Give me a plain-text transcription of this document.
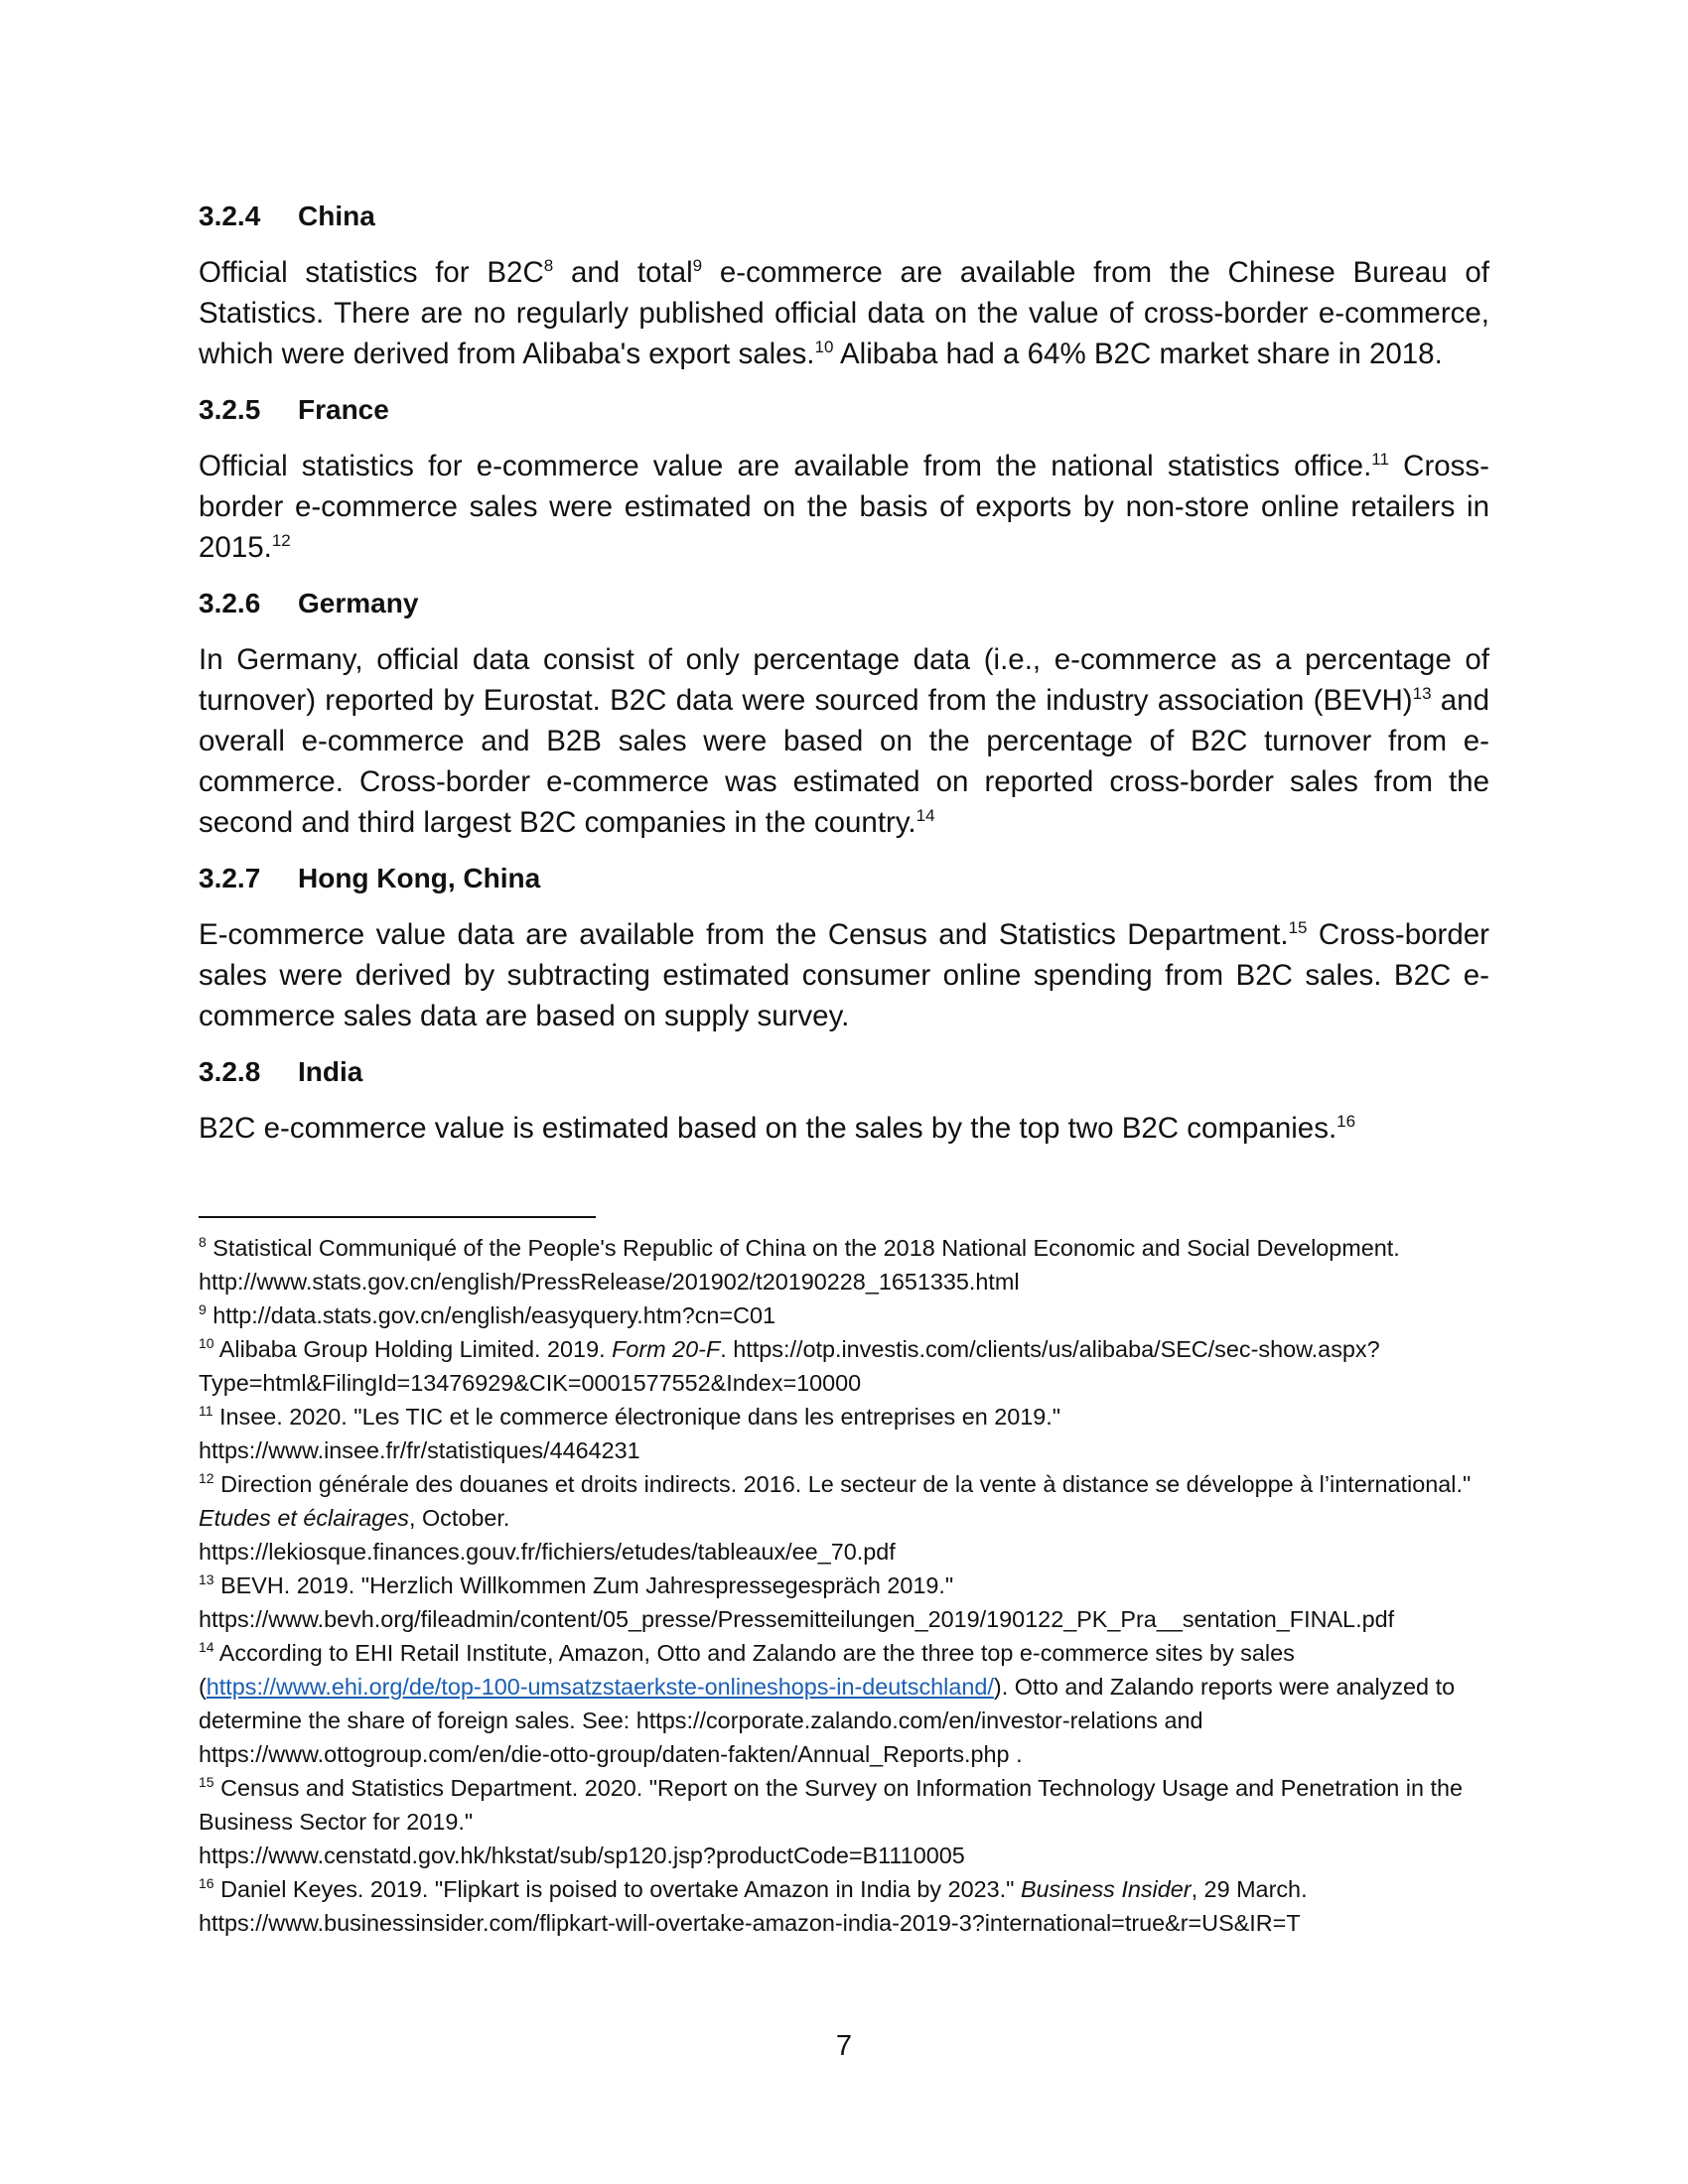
3.2.4	China

Official statistics for $B2C^8$ and total$^9$ e-commerce are available from the Chinese Bureau of Statistics. There are no regularly published official data on the value of cross-border e-commerce, which were derived from Alibaba's export sales.$^{10}$ Alibaba had a 64% B2C market share in 2018.

3.2.5	France

Official statistics for e-commerce value are available from the national statistics office.$^{11}$ Cross-border e-commerce sales were estimated on the basis of exports by non-store online retailers in 2015.12

3.2.6	Germany

In Germany, official data consist of only percentage data (i.e., e-commerce as a percentage of turnover) reported by Eurostat. B2C data were sourced from the industry association (BEVH)$^{13}$ and overall e-commerce and B2B sales were based on the percentage of B2C turnover from e-commerce. Cross-border e-commerce was estimated on reported cross-border sales from the second and third largest B2C companies in the country.$^{14}$

3.2.7	Hong Kong, China

E-commerce value data are available from the Census and Statistics Department.$^{15}$ Cross-border sales were derived by subtracting estimated consumer online spending from B2C sales. B2C e-commerce sales data are based on supply survey.

3.2.8	India

B2C e-commerce value is estimated based on the sales by the top two B2C companies.$^{16}$

$^8$ Statistical Communiqué of the People's Republic of China on the 2018 National Economic and Social Development. http://www.stats.gov.cn/english/PressRelease/201902/t20190228_1651335.html

$^9$ http://data.stats.gov.cn/english/easyquery.htm?cn=C01

$^{10}$ Alibaba Group Holding Limited. 2019. Form 20-F. https://otp.investis.com/clients/us/alibaba/SEC/sec-show.aspx?Type=html&FilingId=13476929&CIK=0001577552&Index=10000

$^{11}$ Insee. 2020. "Les TIC et le commerce électronique dans les entreprises en 2019."
https://www.insee.fr/fr/statistiques/4464231

$^{12}$ Direction générale des douanes et droits indirects. 2016. Le secteur de la vente à distance se développe à l’international." Etudes et éclairages, October.
https://lekiosque.finances.gouv.fr/fichiers/etudes/tableaux/ee_70.pdf

$^{13}$ BEVH. 2019. "Herzlich Willkommen Zum Jahrespressegespräch 2019."
https://www.bevh.org/fileadmin/content/05_presse/Pressemitteilungen_2019/190122_PK_Pra__sentation_FINAL.pdf

$^{14}$ According to EHI Retail Institute, Amazon, Otto and Zalando are the three top e-commerce sites by sales (https://www.ehi.org/de/top-100-umsatzstaerkste-onlineshops-in-deutschland/). Otto and Zalando reports were analyzed to determine the share of foreign sales. See: https://corporate.zalando.com/en/investor-relations and https://www.ottogroup.com/en/die-otto-group/daten-fakten/Annual_Reports.php .

$^{15}$ Census and Statistics Department. 2020. "Report on the Survey on Information Technology Usage and Penetration in the Business Sector for 2019."
https://www.censtatd.gov.hk/hkstat/sub/sp120.jsp?productCode=B1110005

$^{16}$ Daniel Keyes. 2019. "Flipkart is poised to overtake Amazon in India by 2023." Business Insider, 29 March.
https://www.businessinsider.com/flipkart-will-overtake-amazon-india-2019-3?international=true&r=US&IR=T

7
